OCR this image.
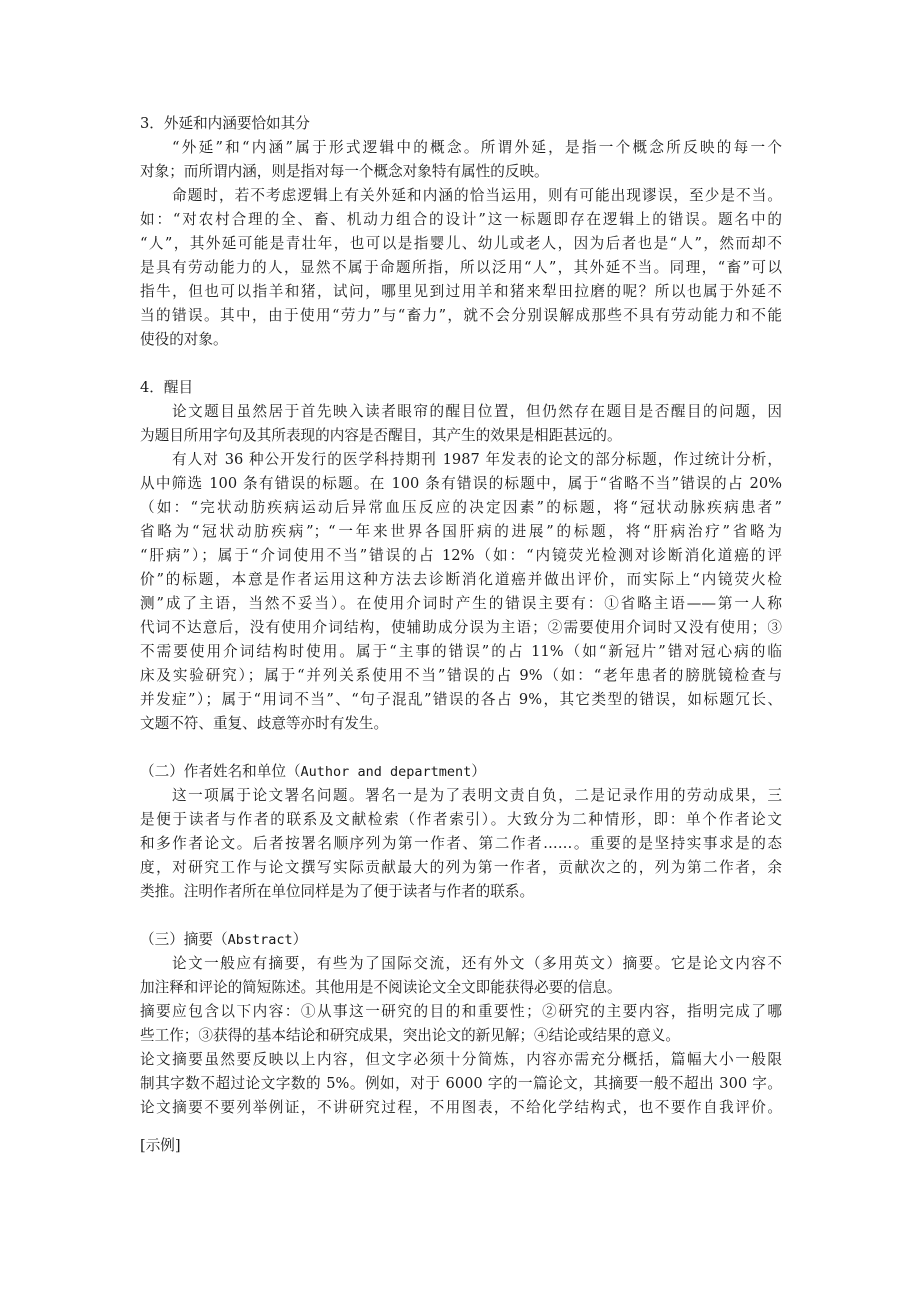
3．外延和内涵要恰如其分
“外延”和“内涵”属于形式逻辑中的概念。所谓外延，是指一个概念所反映的每一个
对象；而所谓内涵，则是指对每一个概念对象特有属性的反映。
命题时，若不考虑逻辑上有关外延和内涵的恰当运用，则有可能出现谬误，至少是不当。
如：“对农村合理的全、畜、机动力组合的设计”这一标题即存在逻辑上的错误。题名中的
“人”，其外延可能是青壮年，也可以是指婴儿、幼儿或老人，因为后者也是“人”，然而却不
是具有劳动能力的人，显然不属于命题所指，所以泛用“人”，其外延不当。同理，“畜”可以
指牛，但也可以指羊和猪，试问，哪里见到过用羊和猪来犁田拉磨的呢？所以也属于外延不
当的错误。其中，由于使用“劳力”与“畜力”，就不会分别误解成那些不具有劳动能力和不能
使役的对象。
4．醒目
论文题目虽然居于首先映入读者眼帘的醒目位置，但仍然存在题目是否醒目的问题，因
为题目所用字句及其所表现的内容是否醒目，其产生的效果是相距甚远的。
有人对 36 种公开发行的医学科持期刊 1987 年发表的论文的部分标题，作过统计分析，
从中筛选 100 条有错误的标题。在 100 条有错误的标题中，属于“省略不当”错误的占 20%
（如：“完状动肪疾病运动后异常血压反应的决定因素”的标题，将“冠状动脉疾病患者”
省略为“冠状动肪疾病”；“一年来世界各国肝病的进展”的标题，将“肝病治疗”省略为
“肝病”）；属于“介词使用不当”错误的占 12%（如：“内镜荧光检测对诊断消化道癌的评
价”的标题，本意是作者运用这种方法去诊断消化道癌并做出评价，而实际上“内镜荧火检
测”成了主语，当然不妥当）。在使用介词时产生的错误主要有：①省略主语——第一人称
代词不达意后，没有使用介词结构，使辅助成分误为主语；②需要使用介词时又没有使用；③
不需要使用介词结构时使用。属于“主事的错误”的占 11%（如“新冠片”错对冠心病的临
床及实验研究）；属于“并列关系使用不当”错误的占 9%（如：“老年患者的膀胱镜检查与
并发症”）；属于“用词不当”、“句子混乱”错误的各占 9%，其它类型的错误，如标题冗长、
文题不符、重复、歧意等亦时有发生。
（二）作者姓名和单位（Author and department）
这一项属于论文署名问题。署名一是为了表明文责自负，二是记录作用的劳动成果，三
是便于读者与作者的联系及文献检索（作者索引）。大致分为二种情形，即：单个作者论文
和多作者论文。后者按署名顺序列为第一作者、第二作者……。重要的是坚持实事求是的态
度，对研究工作与论文撰写实际贡献最大的列为第一作者，贡献次之的，列为第二作者，余
类推。注明作者所在单位同样是为了便于读者与作者的联系。
（三）摘要（Abstract）
论文一般应有摘要，有些为了国际交流，还有外文（多用英文）摘要。它是论文内容不
加注释和评论的简短陈述。其他用是不阅读论文全文即能获得必要的信息。
摘要应包含以下内容：①从事这一研究的目的和重要性；②研究的主要内容，指明完成了哪
些工作；③获得的基本结论和研究成果，突出论文的新见解；④结论或结果的意义。
论文摘要虽然要反映以上内容，但文字必须十分简炼，内容亦需充分概括，篇幅大小一般限
制其字数不超过论文字数的 5%。例如，对于 6000 字的一篇论文，其摘要一般不超出 300 字。
论文摘要不要列举例证，不讲研究过程，不用图表，不给化学结构式，也不要作自我评价。
[示例]
